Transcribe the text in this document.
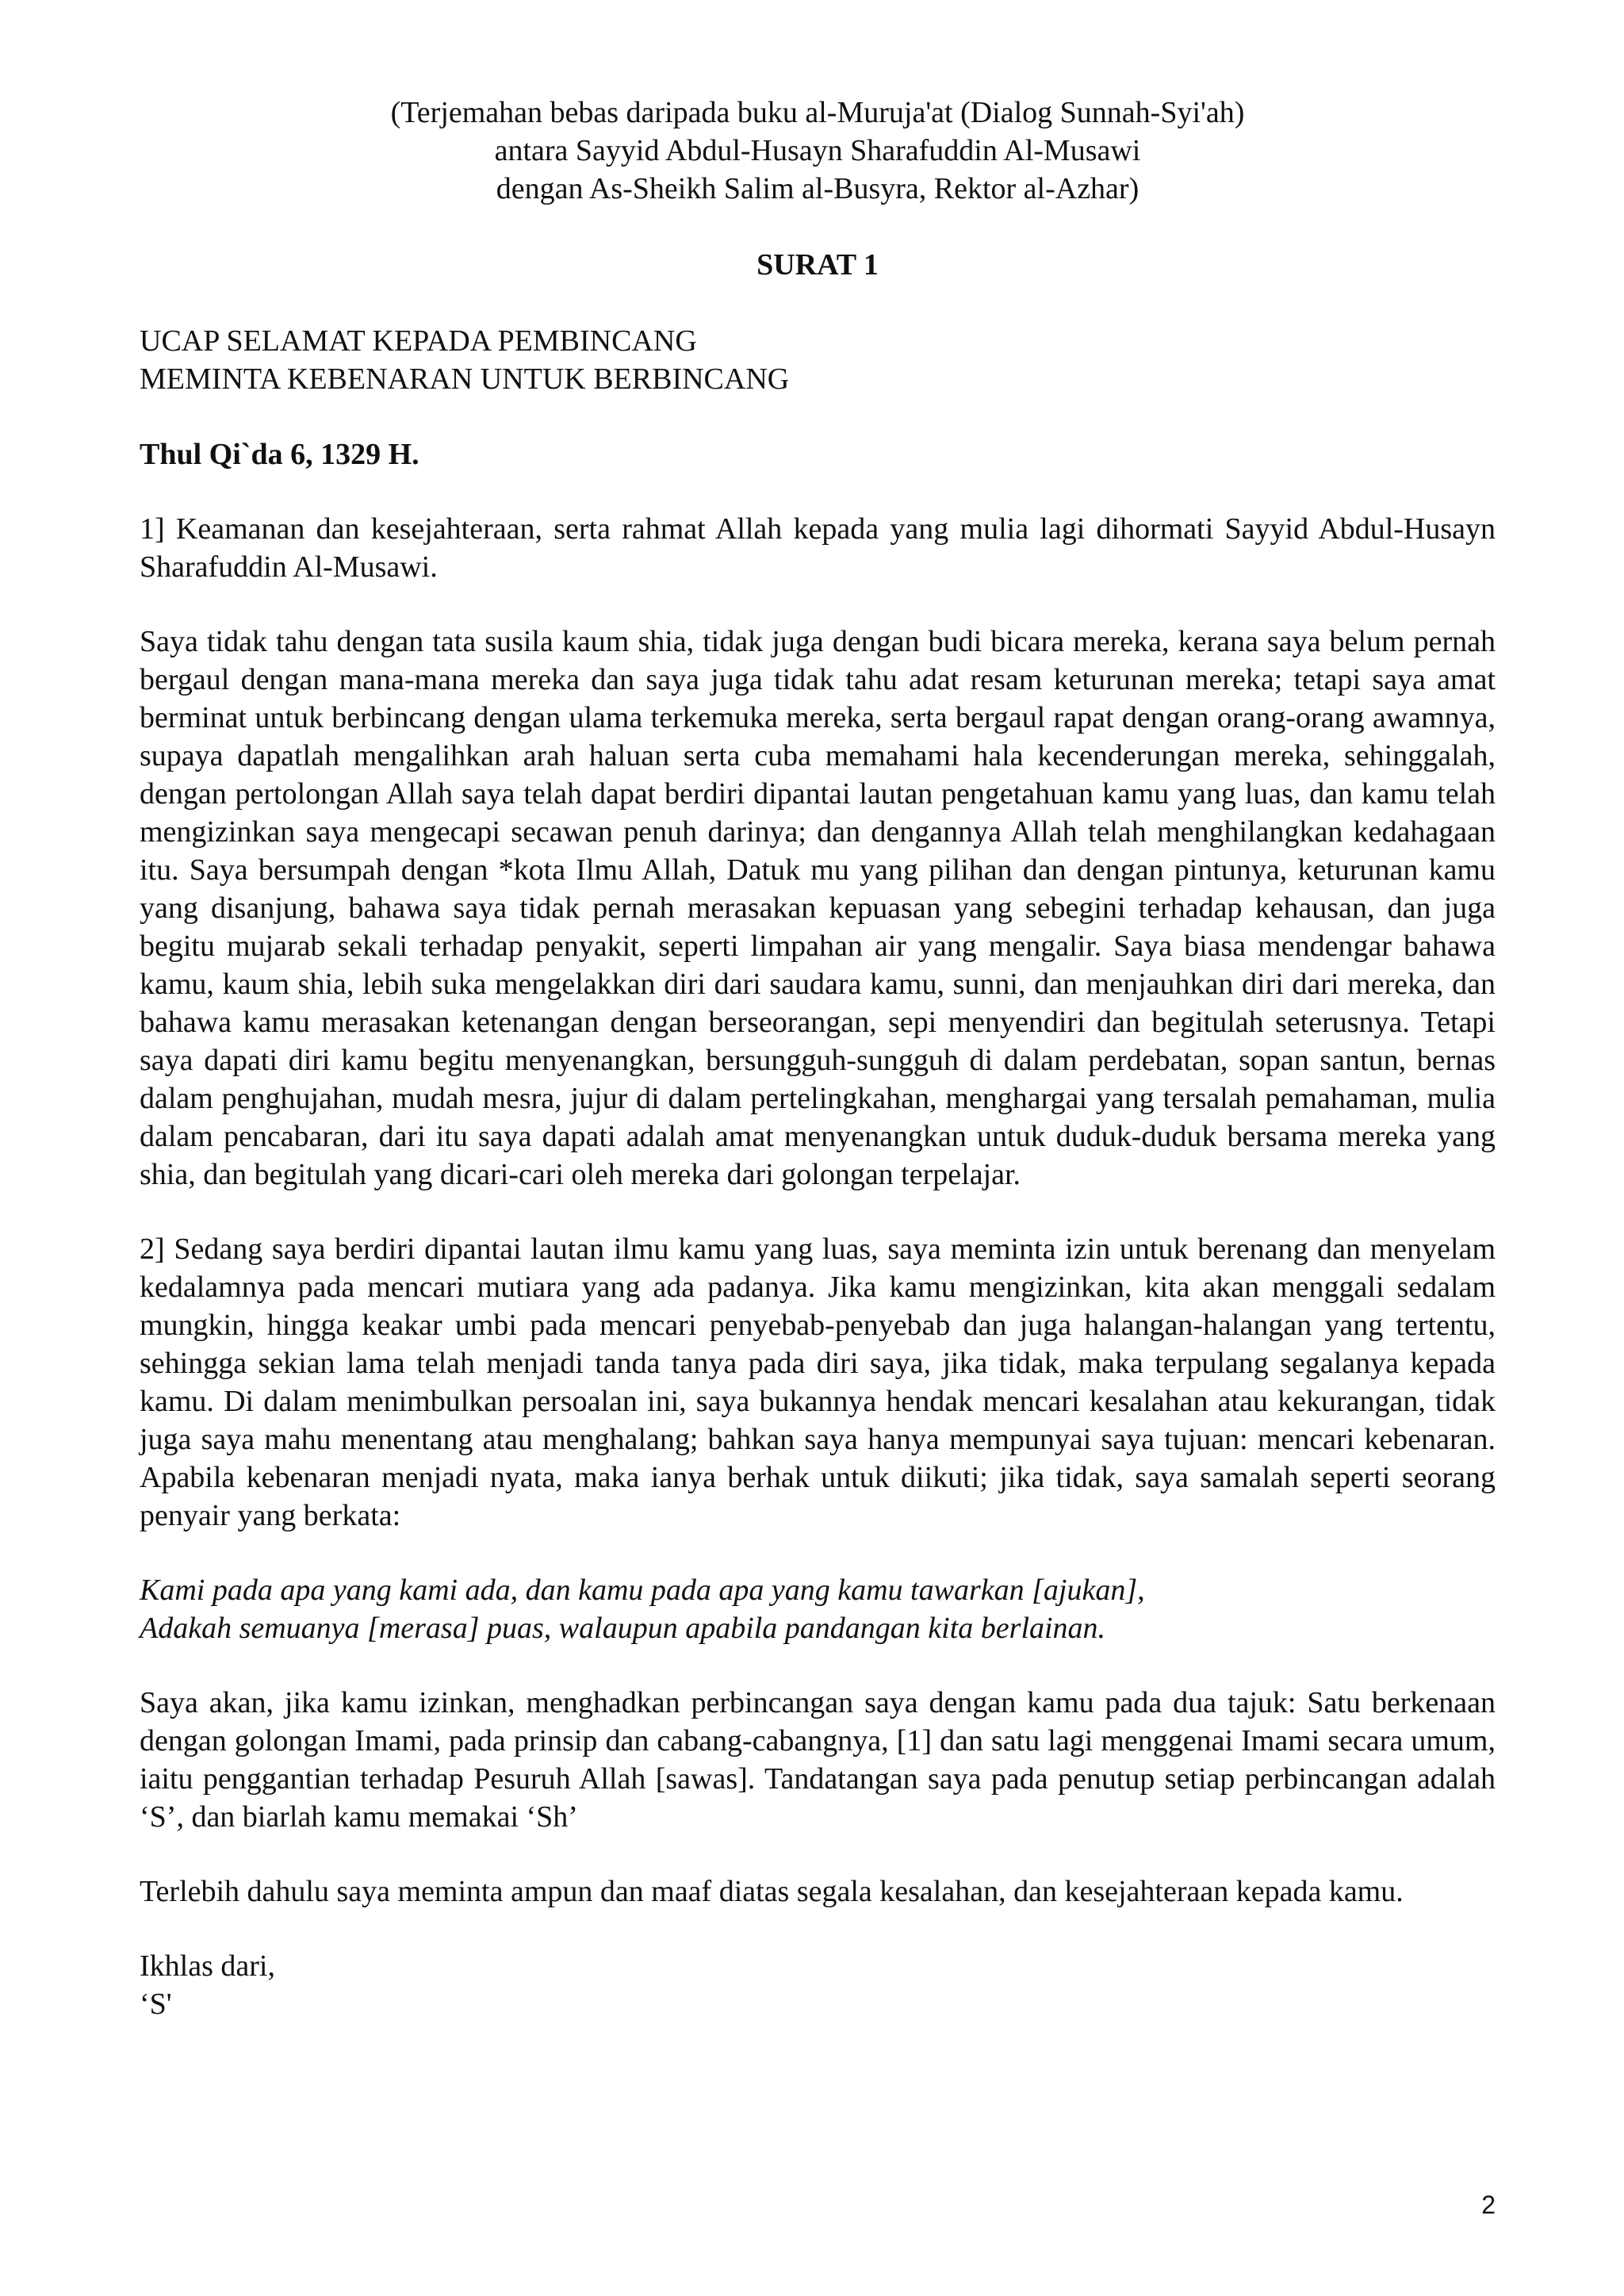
(Terjemahan bebas daripada buku al-Muruja'at (Dialog Sunnah-Syi'ah)
antara Sayyid Abdul-Husayn Sharafuddin Al-Musawi
dengan As-Sheikh Salim al-Busyra, Rektor al-Azhar)
SURAT 1
UCAP SELAMAT KEPADA PEMBINCANG
MEMINTA KEBENARAN UNTUK BERBINCANG
Thul Qi`da 6, 1329 H.

1] Keamanan dan kesejahteraan, serta rahmat Allah kepada yang mulia lagi dihormati Sayyid Abdul-Husayn Sharafuddin Al-Musawi.

Saya tidak tahu dengan tata susila kaum shia, tidak juga dengan budi bicara mereka, kerana saya belum pernah bergaul dengan mana-mana mereka dan saya juga tidak tahu adat resam keturunan mereka; tetapi saya amat berminat untuk berbincang dengan ulama terkemuka mereka, serta bergaul rapat dengan orang-orang awamnya, supaya dapatlah mengalihkan arah haluan serta cuba memahami hala kecenderungan mereka, sehinggalah, dengan pertolongan Allah saya telah dapat berdiri dipantai lautan pengetahuan kamu yang luas, dan kamu telah mengizinkan saya mengecapi secawan penuh darinya; dan dengannya Allah telah menghilangkan kedahagaan itu. Saya bersumpah dengan *kota Ilmu Allah, Datuk mu yang pilihan dan dengan pintunya, keturunan kamu yang disanjung, bahawa saya tidak pernah merasakan kepuasan yang sebegini terhadap kehausan, dan juga begitu mujarab sekali terhadap penyakit, seperti limpahan air yang mengalir. Saya biasa mendengar bahawa kamu, kaum shia, lebih suka mengelakkan diri dari saudara kamu, sunni, dan menjauhkan diri dari mereka, dan bahawa kamu merasakan ketenangan dengan berseorangan, sepi menyendiri dan begitulah seterusnya. Tetapi saya dapati diri kamu begitu menyenangkan, bersungguh-sungguh di dalam perdebatan, sopan santun, bernas dalam penghujahan, mudah mesra, jujur di dalam pertelingkahan, menghargai yang tersalah pemahaman, mulia dalam pencabaran, dari itu saya dapati adalah amat menyenangkan untuk duduk-duduk bersama mereka yang shia, dan begitulah yang dicari-cari oleh mereka dari golongan terpelajar.

2] Sedang saya berdiri dipantai lautan ilmu kamu yang luas, saya meminta izin untuk berenang dan menyelam kedalamnya pada mencari mutiara yang ada padanya. Jika kamu mengizinkan, kita akan menggali sedalam mungkin, hingga keakar umbi pada mencari penyebab-penyebab dan juga halangan-halangan yang tertentu, sehingga sekian lama telah menjadi tanda tanya pada diri saya, jika tidak, maka terpulang segalanya kepada kamu. Di dalam menimbulkan persoalan ini, saya bukannya hendak mencari kesalahan atau kekurangan, tidak juga saya mahu menentang atau menghalang; bahkan saya hanya mempunyai saya tujuan: mencari kebenaran. Apabila kebenaran menjadi nyata, maka ianya berhak untuk diikuti; jika tidak, saya samalah seperti seorang penyair yang berkata:

Kami pada apa yang kami ada, dan kamu pada apa yang kamu tawarkan [ajukan],
Adakah semuanya [merasa] puas, walaupun apabila pandangan kita berlainan.

Saya akan, jika kamu izinkan, menghadkan perbincangan saya dengan kamu pada dua tajuk: Satu berkenaan dengan golongan Imami, pada prinsip dan cabang-cabangnya, [1] dan satu lagi menggenai Imami secara umum, iaitu penggantian terhadap Pesuruh Allah [sawas]. Tandatangan saya pada penutup setiap perbincangan adalah ‘S’, dan biarlah kamu memakai ‘Sh’

Terlebih dahulu saya meminta ampun dan maaf diatas segala kesalahan, dan kesejahteraan kepada kamu.

Ikhlas dari,
‘S'
2
